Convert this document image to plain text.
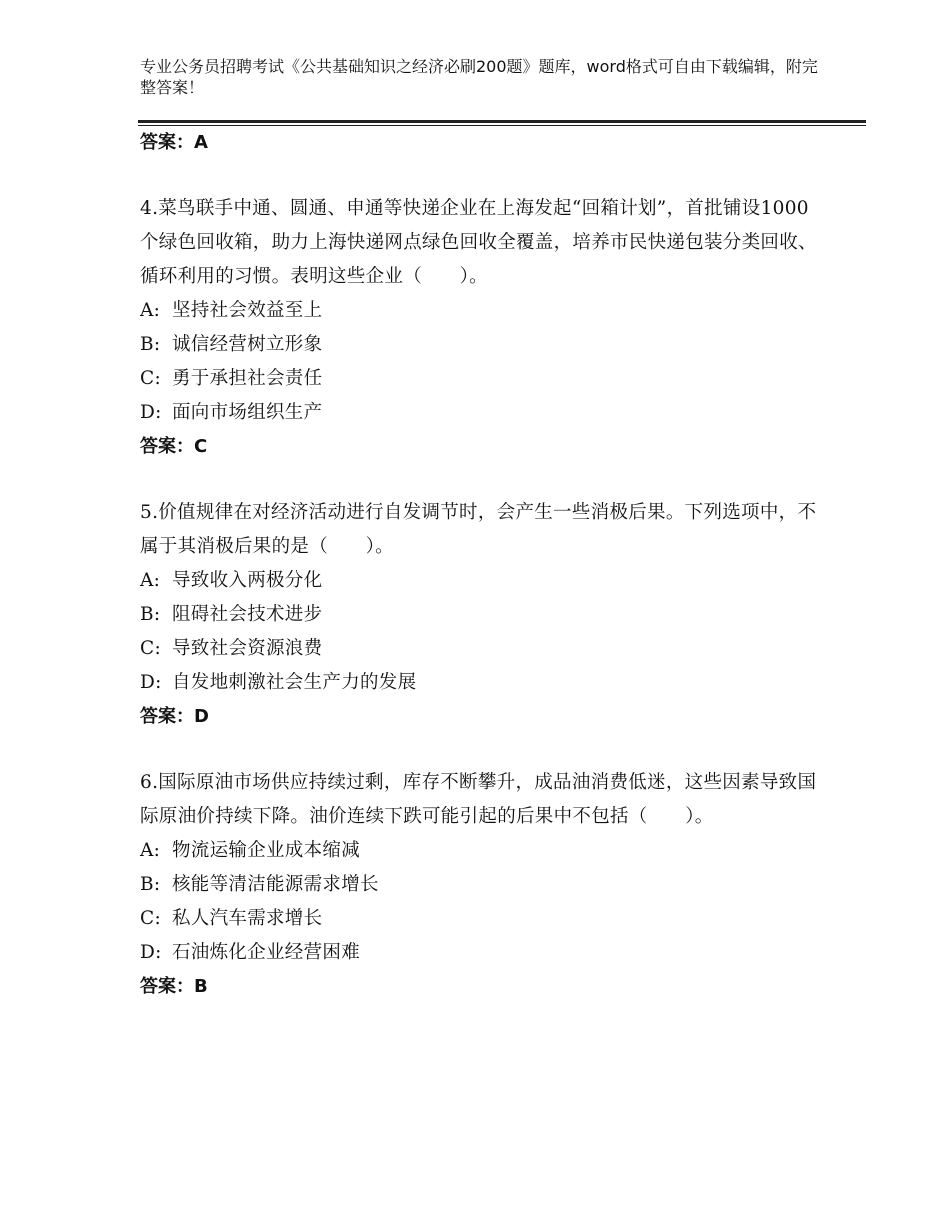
专业公务员招聘考试《公共基础知识之经济必刷200题》题库，word格式可自由下载编辑，附完整答案！

答案：A

4.菜鸟联手中通、圆通、申通等快递企业在上海发起“回箱计划”，首批铺设1000个绿色回收箱，助力上海快递网点绿色回收全覆盖，培养市民快递包装分类回收、循环利用的习惯。表明这些企业（　　）。

A: 坚持社会效益至上

B: 诚信经营树立形象

C: 勇于承担社会责任

D: 面向市场组织生产

答案：C

5.价值规律在对经济活动进行自发调节时，会产生一些消极后果。下列选项中，不属于其消极后果的是（　　）。

A: 导致收入两极分化

B: 阻碍社会技术进步

C: 导致社会资源浪费

D: 自发地刺激社会生产力的发展

答案：D

6.国际原油市场供应持续过剩，库存不断攀升，成品油消费低迷，这些因素导致国际原油价持续下降。油价连续下跌可能引起的后果中不包括（　　）。

A: 物流运输企业成本缩减

B: 核能等清洁能源需求增长

C: 私人汽车需求增长

D: 石油炼化企业经营困难

答案：B
